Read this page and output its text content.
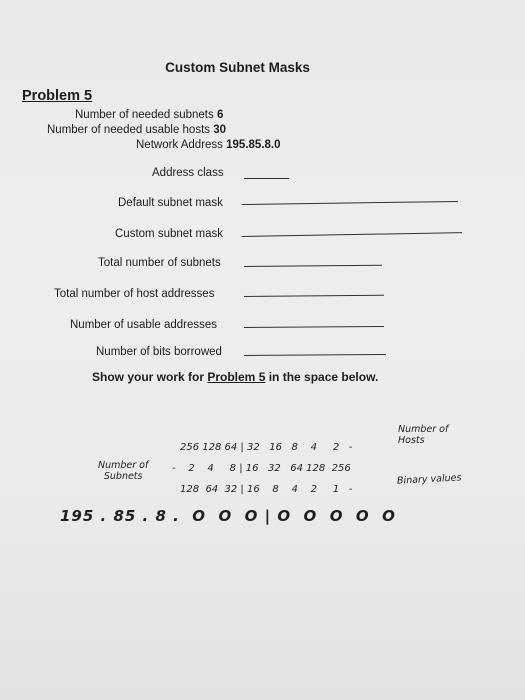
Custom Subnet Masks
Problem 5
Number of needed subnets 6
Number of needed usable hosts 30
Network Address 195.85.8.0
Address class
Default subnet mask
Custom subnet mask
Total number of subnets
Total number of host addresses
Number of usable addresses
Number of bits borrowed
Show your work for Problem 5 in the space below.
Number of
Hosts
Number of
Subnets
256 128 64 | 32   16   8    4     2   -
-    2    4     8 | 16   32   64 128  256
128  64  32 | 16    8    4    2     1   -
Binary values
195 . 85 . 8 .  O  O  O | O  O  O  O  O
